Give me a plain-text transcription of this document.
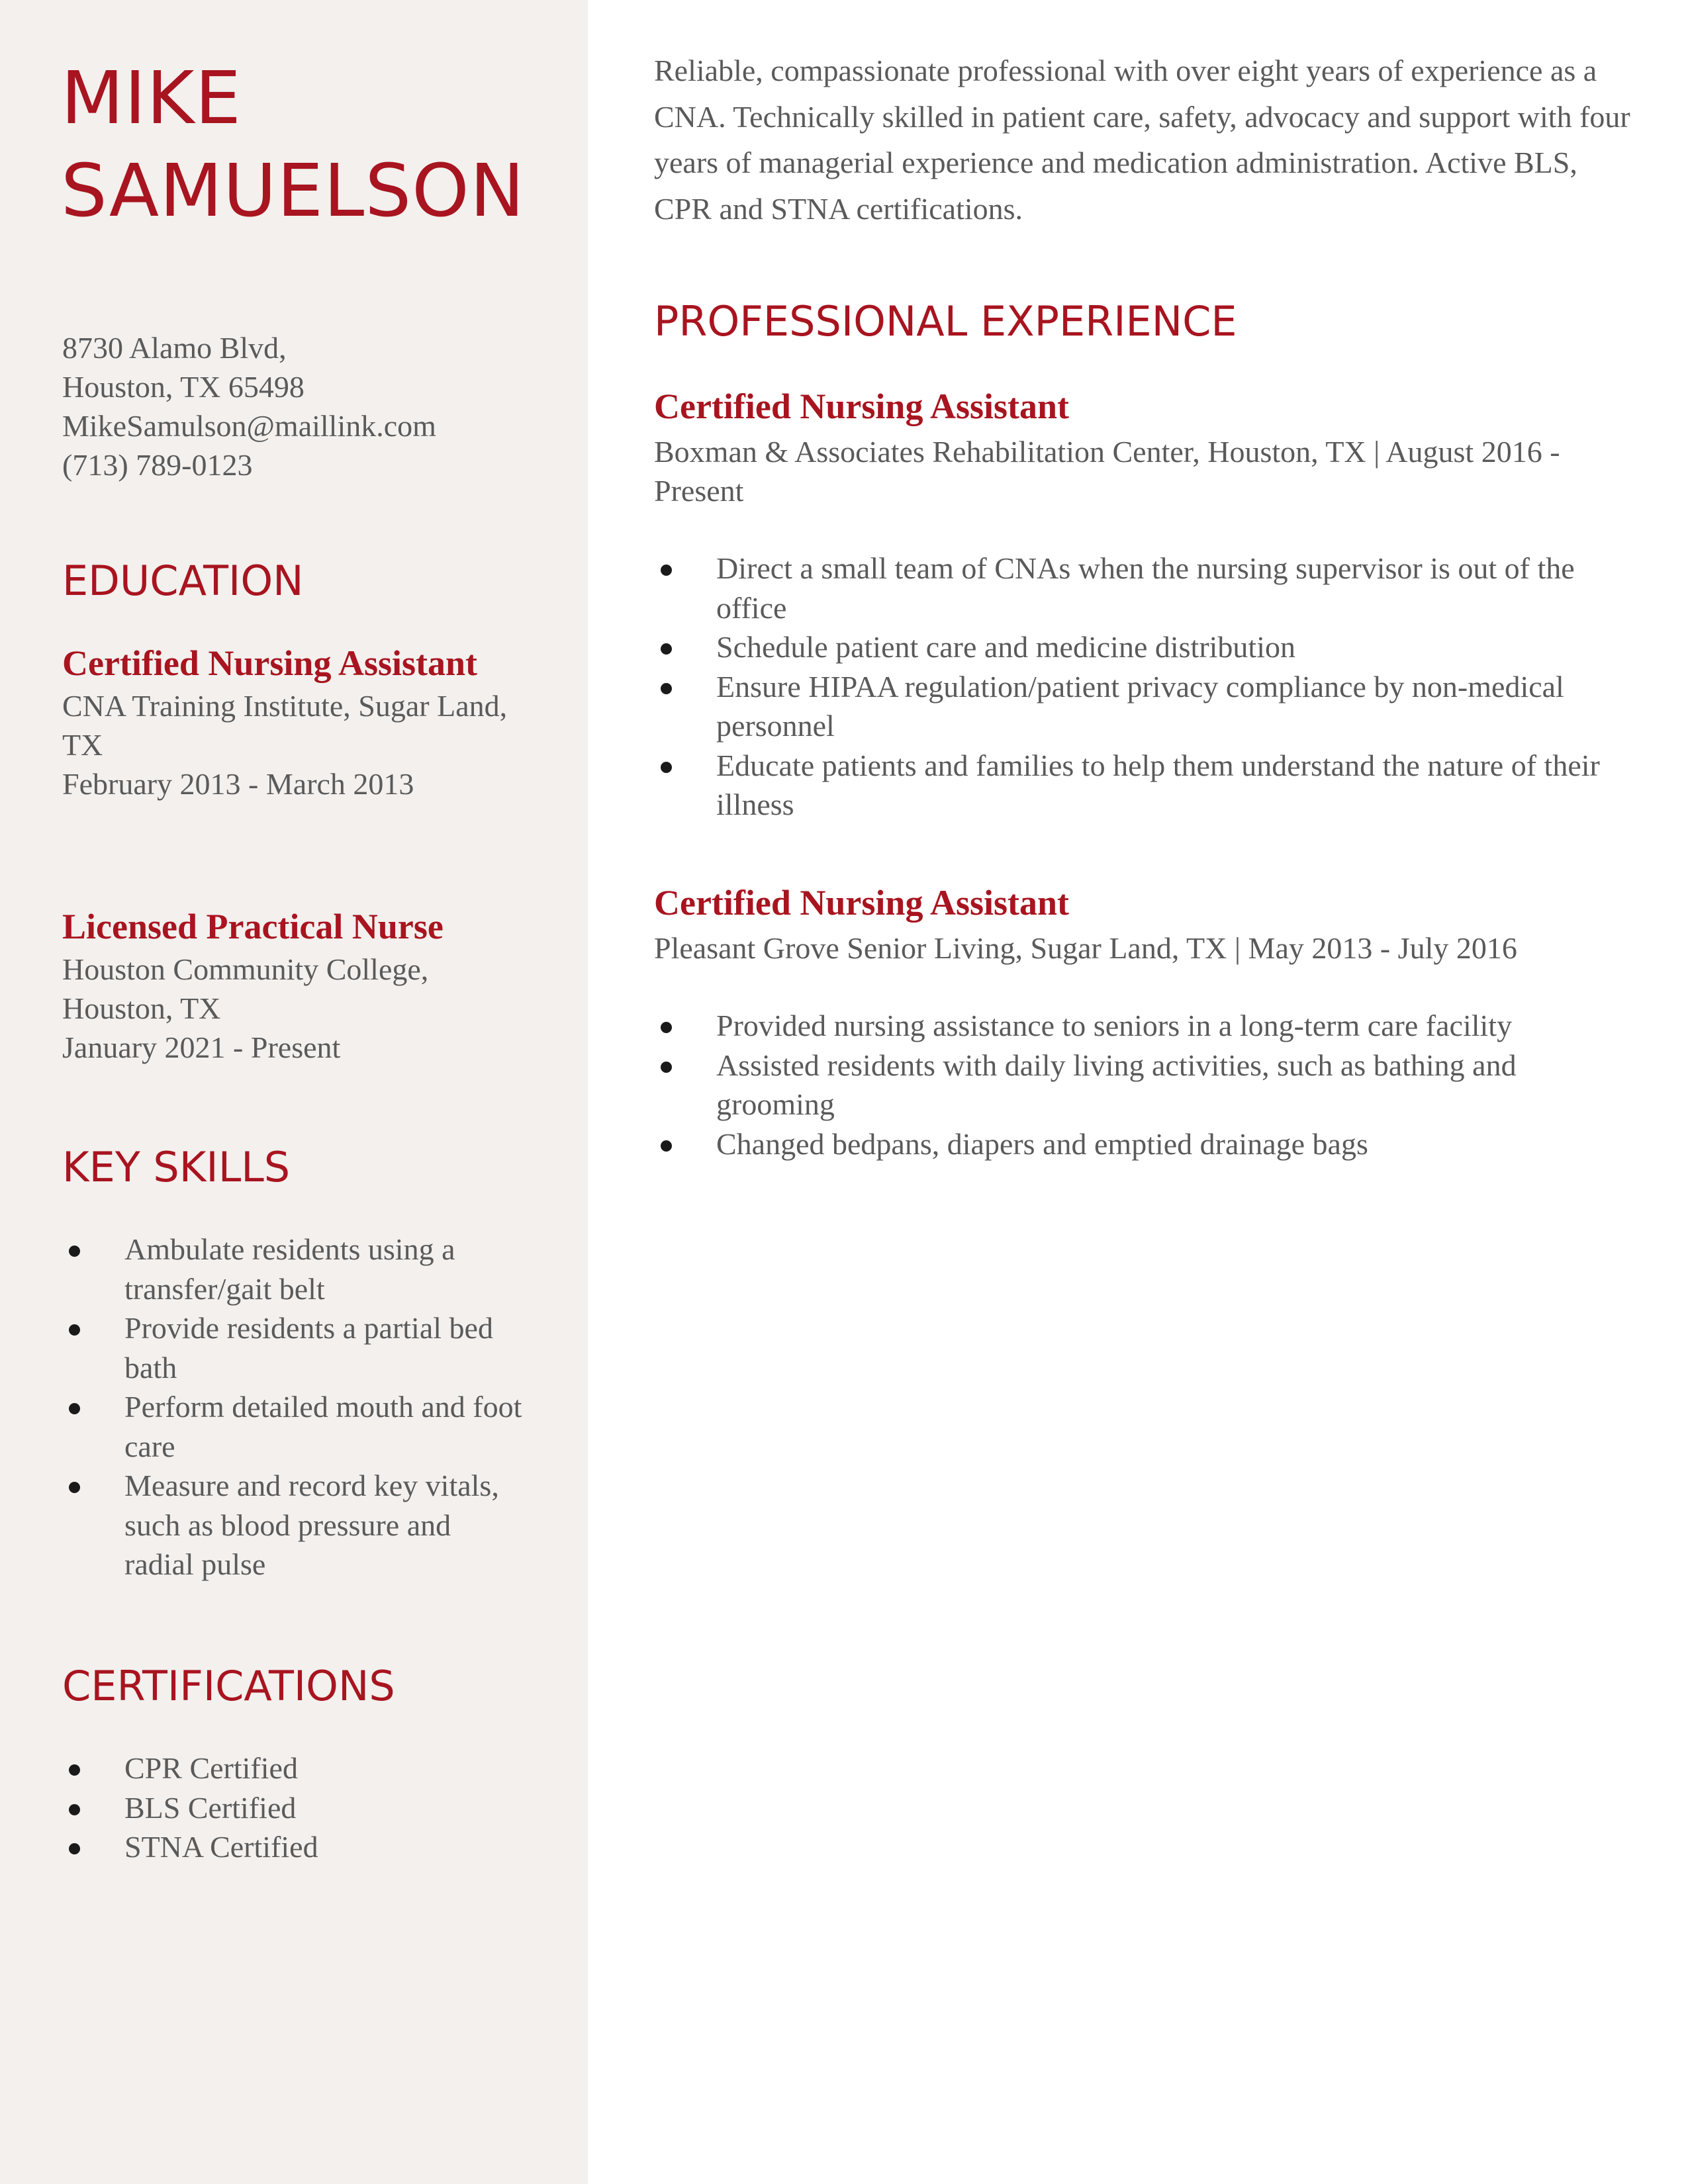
MIKE
SAMUELSON
8730 Alamo Blvd,
Houston, TX 65498
MikeSamulson@maillink.com
(713) 789-0123
EDUCATION
Certified Nursing Assistant
CNA Training Institute, Sugar Land, TX
February 2013 - March 2013
Licensed Practical Nurse
Houston Community College, Houston, TX
January 2021 - Present
KEY SKILLS
Ambulate residents using a transfer/gait belt
Provide residents a partial bed bath
Perform detailed mouth and foot care
Measure and record key vitals, such as blood pressure and radial pulse
CERTIFICATIONS
CPR Certified
BLS Certified
STNA Certified
Reliable, compassionate professional with over eight years of experience as a CNA. Technically skilled in patient care, safety, advocacy and support with four years of managerial experience and medication administration. Active BLS, CPR and STNA certifications.
PROFESSIONAL EXPERIENCE
Certified Nursing Assistant
Boxman & Associates Rehabilitation Center, Houston, TX | August 2016 - Present
Direct a small team of CNAs when the nursing supervisor is out of the office
Schedule patient care and medicine distribution
Ensure HIPAA regulation/patient privacy compliance by non-medical personnel
Educate patients and families to help them understand the nature of their illness
Certified Nursing Assistant
Pleasant Grove Senior Living, Sugar Land, TX | May 2013 - July 2016
Provided nursing assistance to seniors in a long-term care facility
Assisted residents with daily living activities, such as bathing and grooming
Changed bedpans, diapers and emptied drainage bags
